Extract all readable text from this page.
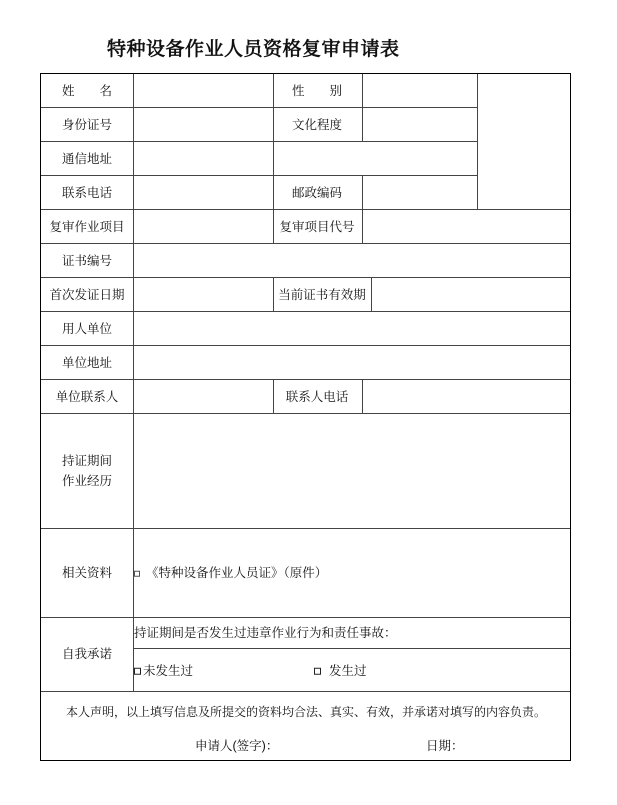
特种设备作业人员资格复审申请表
姓　　名	性　　别
身份证号	文化程度
通信地址
联系电话	邮政编码
复审作业项目	复审项目代号
证书编号
首次发证日期	当前证书有效期
用人单位
单位地址
单位联系人	联系人电话
持证期间
作业经历
相关资料	《特种设备作业人员证》（原件）
自我承诺
持证期间是否发生过违章作业行为和责任事故：
未发生过	发生过
本人声明，以上填写信息及所提交的资料均合法、真实、有效，并承诺对填写的内容负责。
申请人(签字)：	日期：
